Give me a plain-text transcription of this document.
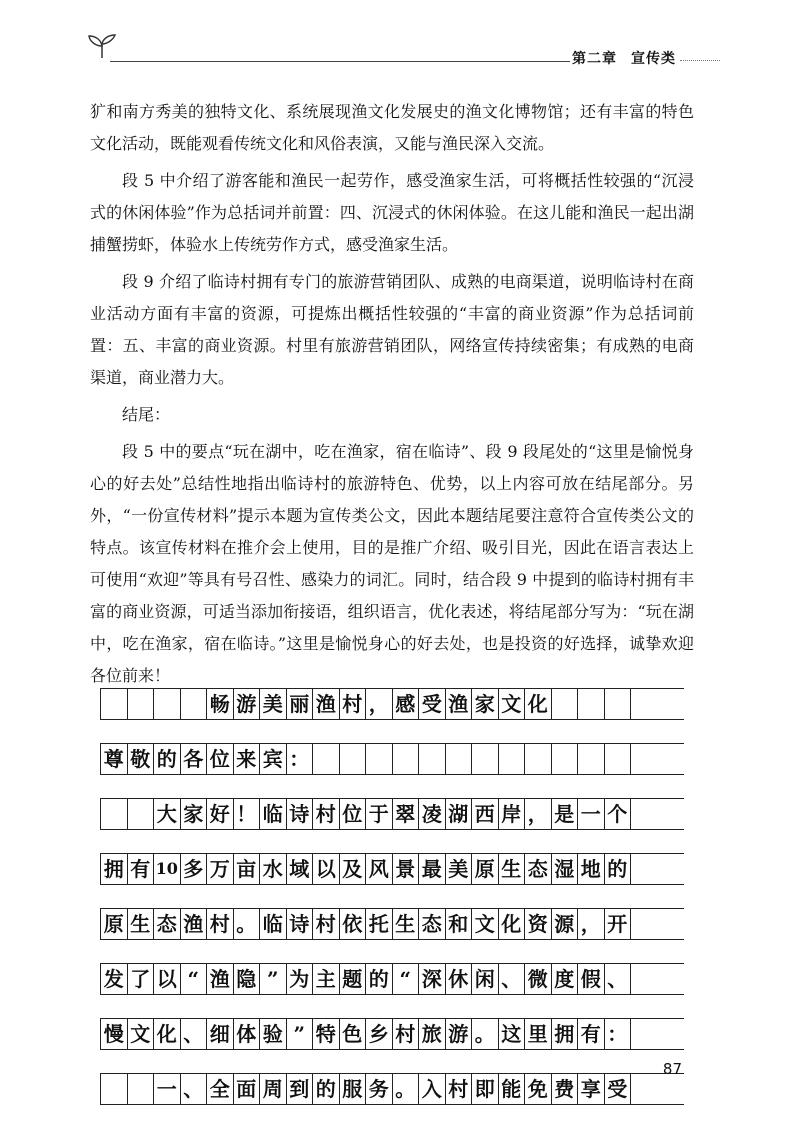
第二章 宣传类

犷和南方秀美的独特文化、系统展现渔文化发展史的渔文化博物馆；还有丰富的特色文化活动，既能观看传统文化和风俗表演，又能与渔民深入交流。

段 5 中介绍了游客能和渔民一起劳作，感受渔家生活，可将概括性较强的“沉浸式的休闲体验”作为总括词并前置：四、沉浸式的休闲体验。在这儿能和渔民一起出湖捕蟹捞虾，体验水上传统劳作方式，感受渔家生活。

段 9 介绍了临诗村拥有专门的旅游营销团队、成熟的电商渠道，说明临诗村在商业活动方面有丰富的资源，可提炼出概括性较强的“丰富的商业资源”作为总括词前置：五、丰富的商业资源。村里有旅游营销团队，网络宣传持续密集；有成熟的电商渠道，商业潜力大。

结尾：

段 5 中的要点“玩在湖中，吃在渔家，宿在临诗”、段 9 段尾处的“这里是愉悦身心的好去处”总结性地指出临诗村的旅游特色、优势，以上内容可放在结尾部分。另外，“一份宣传材料”提示本题为宣传类公文，因此本题结尾要注意符合宣传类公文的特点。该宣传材料在推介会上使用，目的是推广介绍、吸引目光，因此在语言表达上可使用“欢迎”等具有号召性、感染力的词汇。同时，结合段 9 中提到的临诗村拥有丰富的商业资源，可适当添加衔接语，组织语言，优化表述，将结尾部分写为：“玩在湖中，吃在渔家，宿在临诗。”这里是愉悦身心的好去处，也是投资的好选择，诚挚欢迎各位前来！

畅 游 美 丽 渔 村 ， 感 受 渔 家 文 化
尊 敬 的 各 位 来 宾 ：
大 家 好 ！ 临 诗 村 位 于 翠 凌 湖 西 岸 ， 是 一 个
拥 有 10 多 万 亩 水 域 以 及 风 景 最 美 原 生 态 湿 地 的
原 生 态 渔 村 。 临 诗 村 依 托 生 态 和 文 化 资 源 ， 开
发 了 以 “ 渔 隐 ” 为 主 题 的 “ 深 休 闲 、 微 度 假 、
慢 文 化 、 细 体 验 ” 特 色 乡 村 旅 游 。 这 里 拥 有 ：
一 、 全 面 周 到 的 服 务 。 入 村 即 能 免 费 享 受
87
